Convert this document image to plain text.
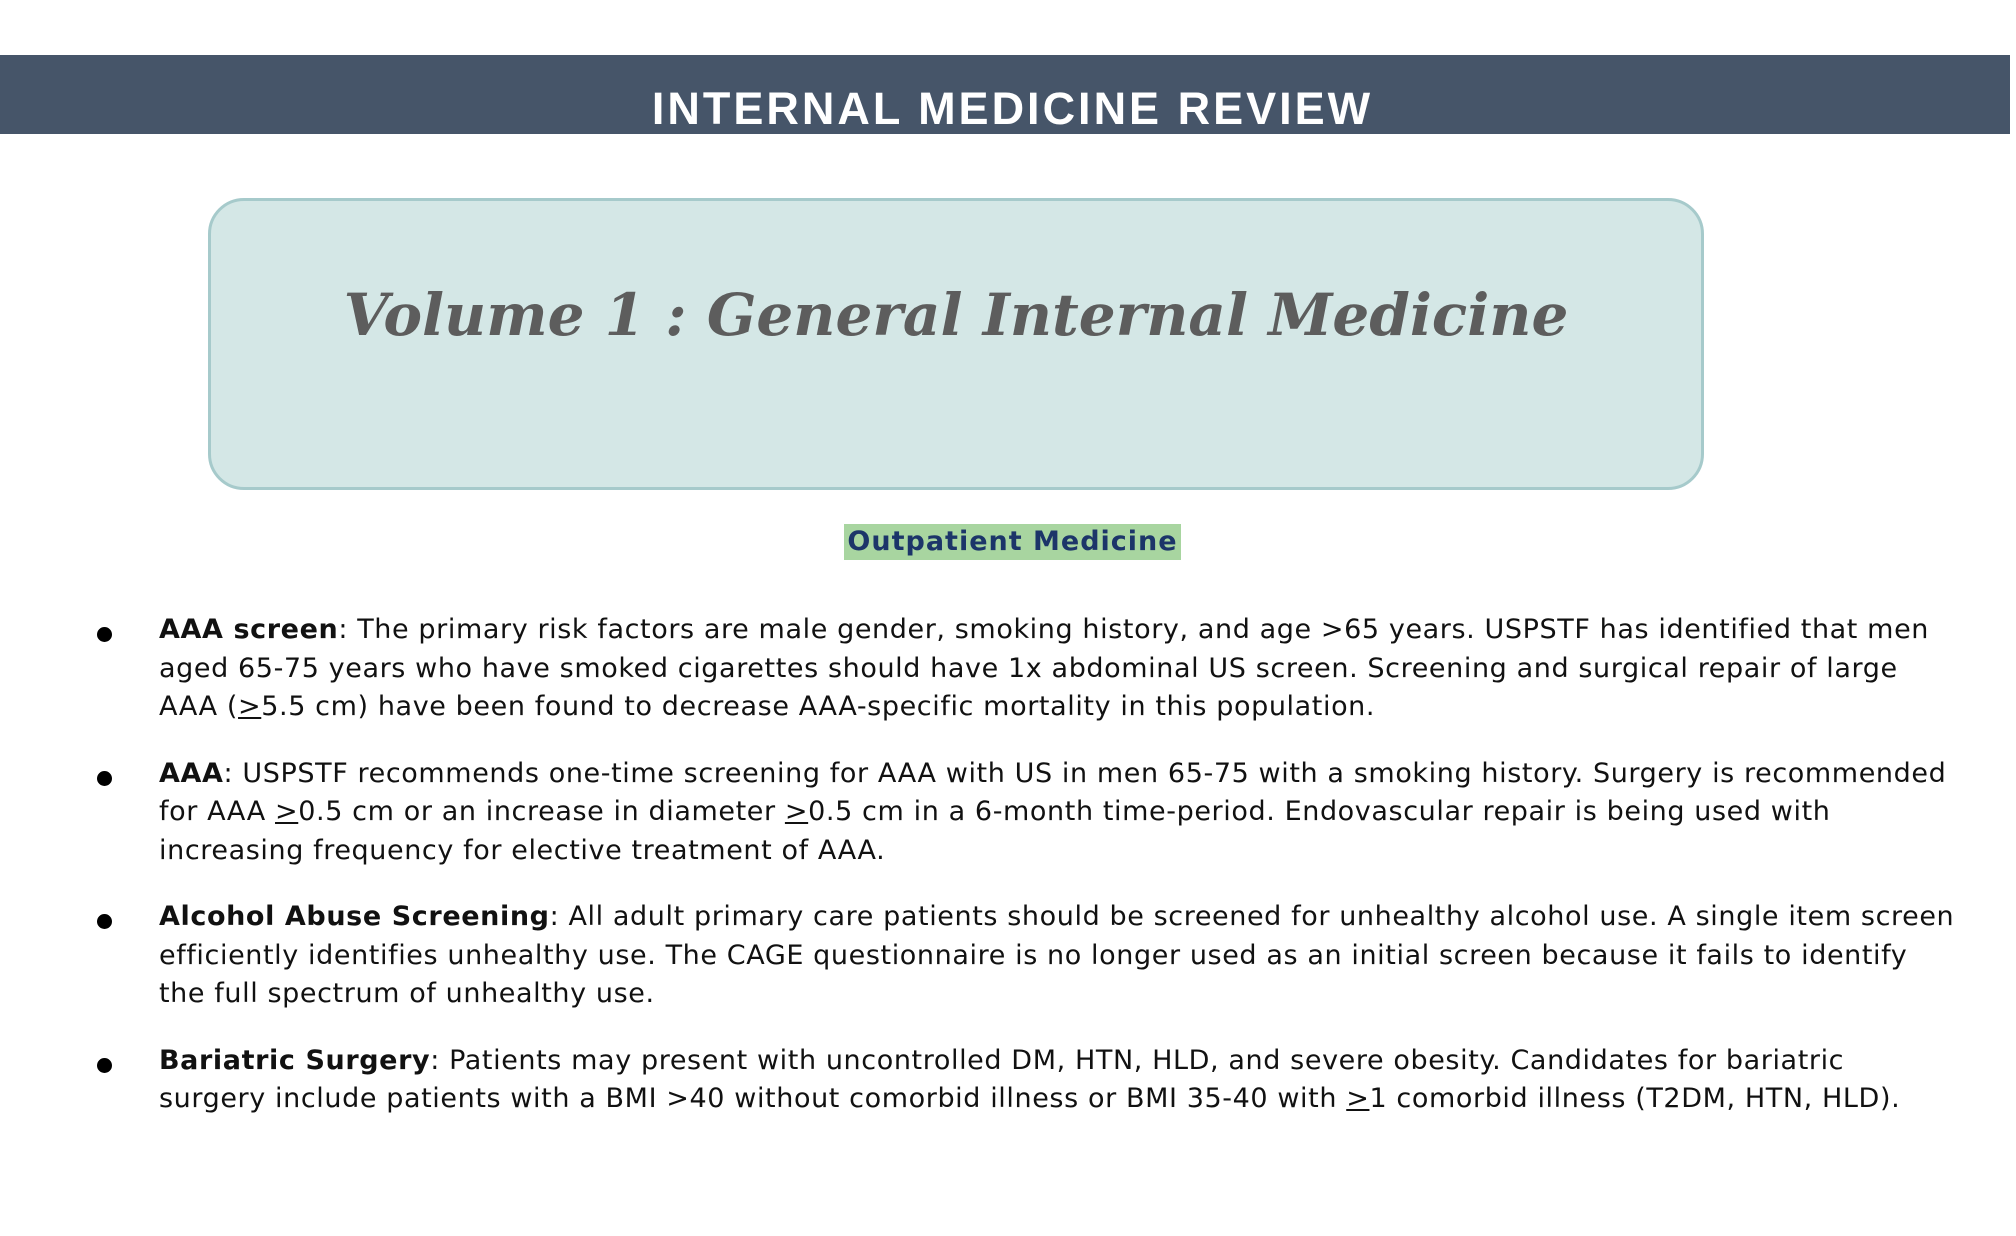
INTERNAL MEDICINE REVIEW
Volume 1 : General Internal Medicine
Outpatient Medicine
AAA screen: The primary risk factors are male gender, smoking history, and age >65 years. USPSTF has identified that men aged 65-75 years who have smoked cigarettes should have 1x abdominal US screen. Screening and surgical repair of large AAA (≥5.5 cm) have been found to decrease AAA-specific mortality in this population.
AAA: USPSTF recommends one-time screening for AAA with US in men 65-75 with a smoking history. Surgery is recommended for AAA ≥0.5 cm or an increase in diameter ≥0.5 cm in a 6-month time-period. Endovascular repair is being used with increasing frequency for elective treatment of AAA.
Alcohol Abuse Screening: All adult primary care patients should be screened for unhealthy alcohol use. A single item screen efficiently identifies unhealthy use. The CAGE questionnaire is no longer used as an initial screen because it fails to identify the full spectrum of unhealthy use.
Bariatric Surgery: Patients may present with uncontrolled DM, HTN, HLD, and severe obesity. Candidates for bariatric surgery include patients with a BMI >40 without comorbid illness or BMI 35-40 with ≥1 comorbid illness (T2DM, HTN, HLD).
